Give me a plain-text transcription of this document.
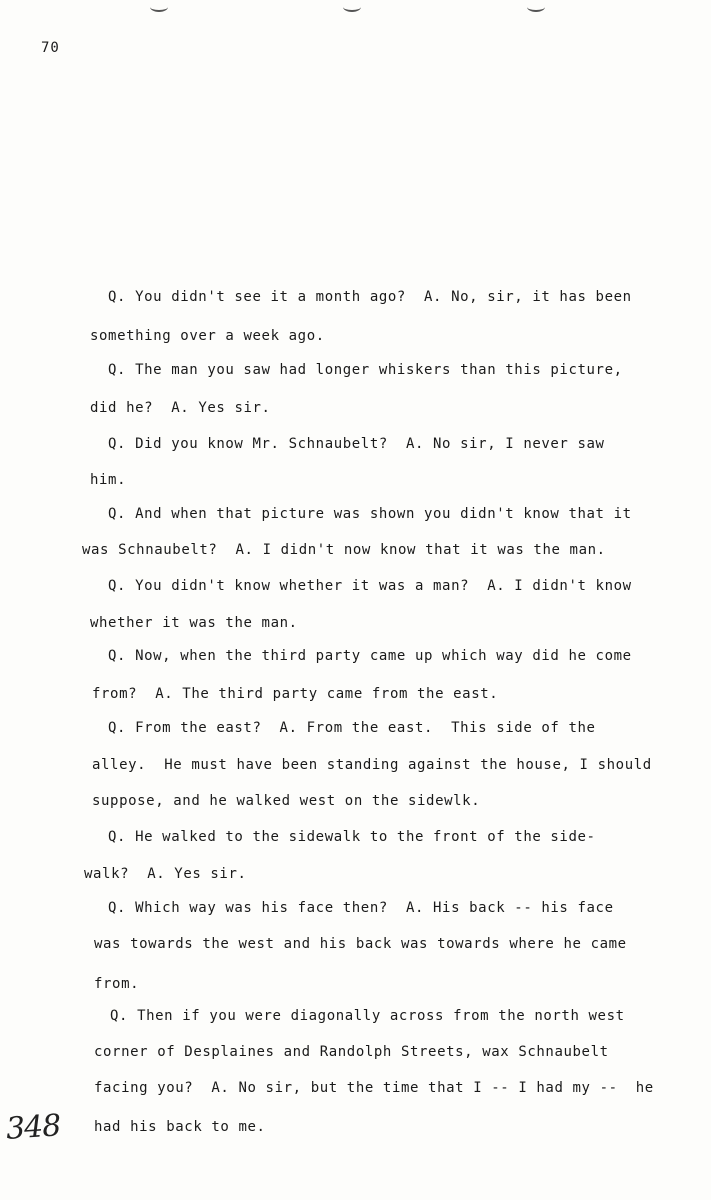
70
Q. You didn't see it a month ago?  A. No, sir, it has been
something over a week ago.
Q. The man you saw had longer whiskers than this picture,
did he?  A. Yes sir.
Q. Did you know Mr. Schnaubelt?  A. No sir, I never saw
him.
Q. And when that picture was shown you didn't know that it
was Schnaubelt?  A. I didn't now know that it was the man.
Q. You didn't know whether it was a man?  A. I didn't know
whether it was the man.
Q. Now, when the third party came up which way did he come
from?  A. The third party came from the east.
Q. From the east?  A. From the east.  This side of the
alley.  He must have been standing against the house, I should
suppose, and he walked west on the sidewlk.
Q. He walked to the sidewalk to the front of the side-
walk?  A. Yes sir.
Q. Which way was his face then?  A. His back -- his face
was towards the west and his back was towards where he came
from.
Q. Then if you were diagonally across from the north west
corner of Desplaines and Randolph Streets, wax Schnaubelt
facing you?  A. No sir, but the time that I -- I had my --  he
had his back to me.
348
